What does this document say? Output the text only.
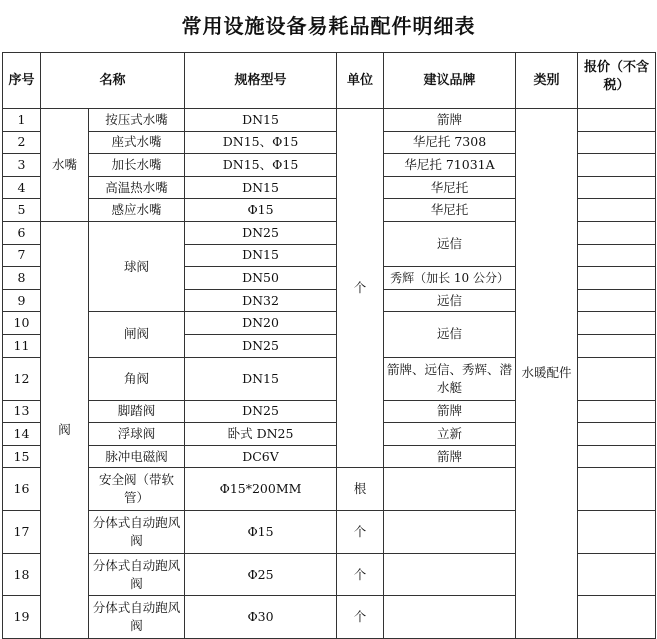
常用设施设备易耗品配件明细表
序号	名称		规格型号	单位	建议品牌	类别	报价（不含税）
1	水嘴	按压式水嘴	DN15	个	箭牌	水暖配件	
2		座式水嘴	DN15、Φ15		华尼托 7308		
3		加长水嘴	DN15、Φ15		华尼托 71031A		
4		高温热水嘴	DN15		华尼托		
5		感应水嘴	Φ15		华尼托		
6	阀	球阀	DN25		远信		
7			DN15				
8			DN50		秀辉（加长 10 公分）		
9			DN32		远信		
10		闸阀	DN20		远信		
11			DN25				
12		角阀	DN15		箭牌、远信、秀辉、潜水艇		
13		脚踏阀	DN25		箭牌		
14		浮球阀	卧式 DN25		立新		
15		脉冲电磁阀	DC6V		箭牌		
16		安全阀（带软管）	Φ15*200MM	根			
17		分体式自动跑风阀	Φ15	个			
18		分体式自动跑风阀	Φ25	个			
19		分体式自动跑风阀	Φ30	个			
